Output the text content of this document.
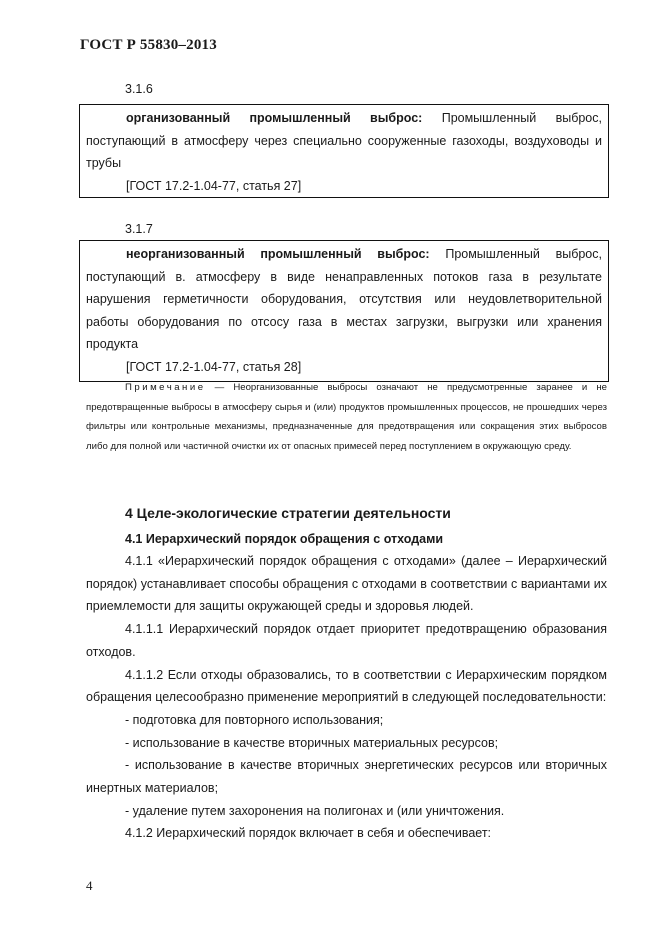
ГОСТ Р 55830–2013
3.1.6

организованный промышленный выброс: Промышленный выброс, поступающий в атмосферу через специально сооруженные газоходы, воздуховоды и трубы

[ГОСТ 17.2-1.04-77, статья 27]

3.1.7

неорганизованный промышленный выброс: Промышленный выброс, поступающий в. атмосферу в виде ненаправленных потоков газа в результате нарушения герметичности оборудования, отсутствия или неудовлетворительной работы оборудования по отсосу газа в местах загрузки, выгрузки или хранения продукта

[ГОСТ 17.2-1.04-77, статья 28]

Примечание — Неорганизованные выбросы означают не предусмотренные заранее и не предотвращенные выбросы в атмосферу сырья и (или) продуктов промышленных процессов, не прошедших через фильтры или контрольные механизмы, предназначенные для предотвращения или сокращения этих выбросов либо для полной или частичной очистки их от опасных примесей перед поступлением в окружающую среду.

4 Целе-экологические стратегии деятельности
4.1 Иерархический порядок обращения с отходами

4.1.1 «Иерархический порядок обращения с отходами» (далее – Иерархический порядок) устанавливает способы обращения с отходами в соответствии с вариантами их приемлемости для защиты окружающей среды и здоровья людей.

4.1.1.1 Иерархический порядок отдает приоритет предотвращению образования отходов.

4.1.1.2 Если отходы образовались, то в соответствии с Иерархическим порядком обращения целесообразно применение мероприятий в следующей последовательности:

- подготовка для повторного использования;

- использование в качестве вторичных материальных ресурсов;

- использование в качестве вторичных энергетических ресурсов или вторичных инертных материалов;

- удаление путем захоронения на полигонах и (или уничтожения.

4.1.2 Иерархический порядок включает в себя и обеспечивает:

4
